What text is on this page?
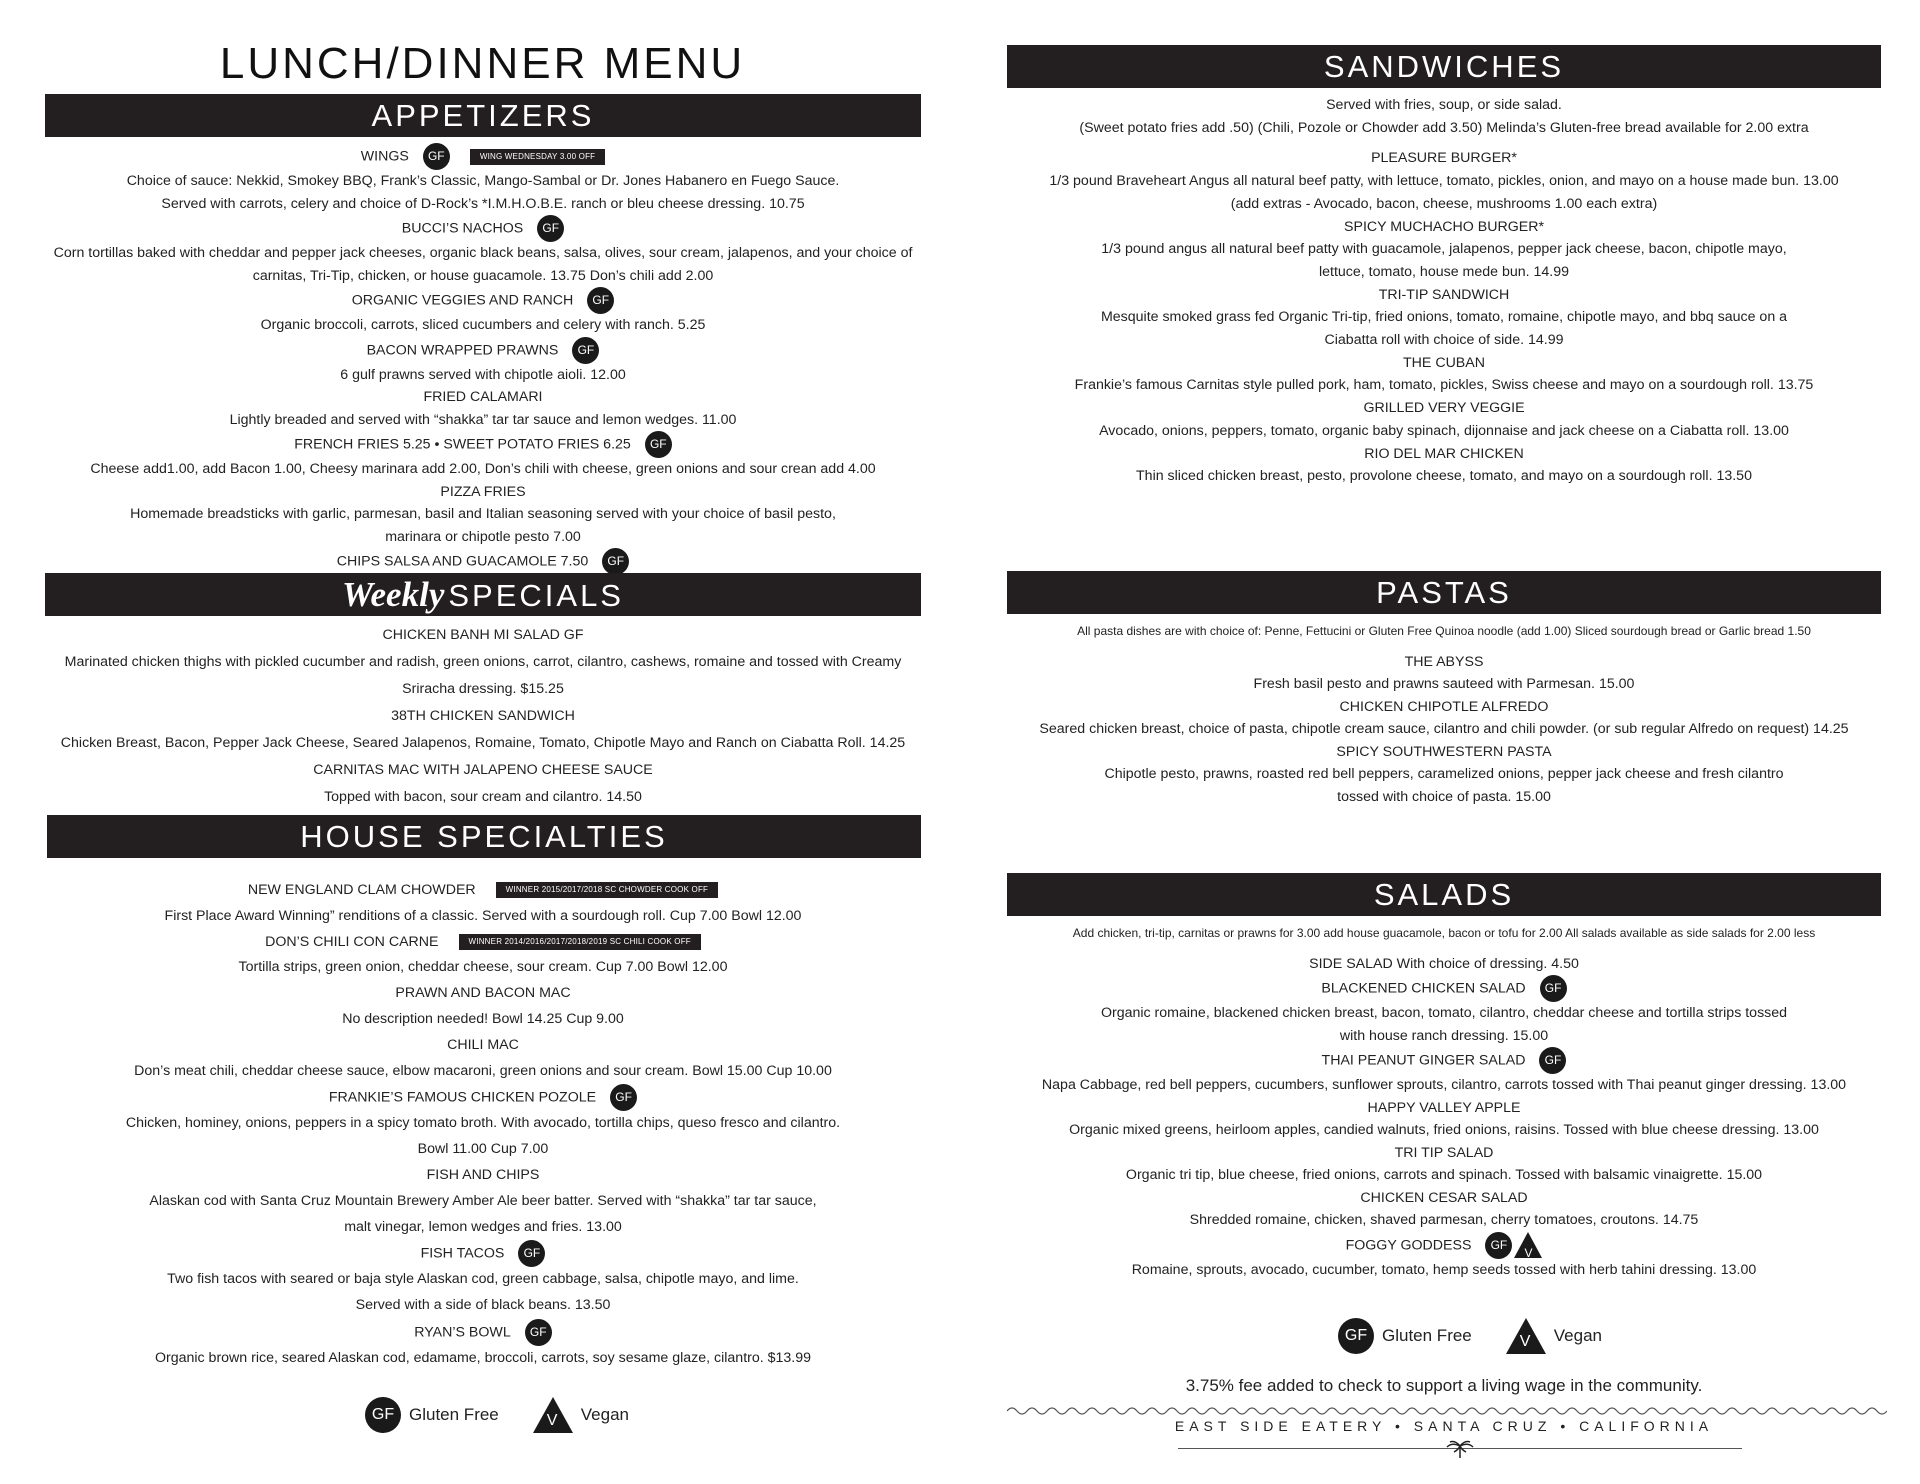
LUNCH/DINNER MENU
APPETIZERS
WINGS GF	WING WEDNESDAY 3.00 OFF
Choice of sauce: Nekkid, Smokey BBQ, Frank’s Classic, Mango-Sambal or Dr. Jones Habanero en Fuego Sauce.
Served with carrots, celery and choice of D-Rock’s *I.M.H.O.B.E. ranch or bleu cheese dressing. 10.75
BUCCI’S NACHOS GF
Corn tortillas baked with cheddar and pepper jack cheeses, organic black beans, salsa, olives, sour cream, jalapenos, and your choice of
carnitas, Tri-Tip, chicken, or house guacamole. 13.75 Don’s chili add 2.00
ORGANIC VEGGIES AND RANCH GF
Organic broccoli, carrots, sliced cucumbers and celery with ranch. 5.25
BACON WRAPPED PRAWNS GF
6 gulf prawns served with chipotle aioli. 12.00
FRIED CALAMARI
Lightly breaded and served with “shakka” tar tar sauce and lemon wedges. 11.00
FRENCH FRIES 5.25 • SWEET POTATO FRIES 6.25 GF
Cheese add1.00, add Bacon 1.00, Cheesy marinara add 2.00, Don’s chili with cheese, green onions and sour crean add 4.00
PIZZA FRIES
Homemade breadsticks with garlic, parmesan, basil and Italian seasoning served with your choice of basil pesto,
marinara or chipotle pesto 7.00
CHIPS SALSA AND GUACAMOLE 7.50 GF
Weekly SPECIALS
CHICKEN BANH MI SALAD GF
Marinated chicken thighs with pickled cucumber and radish, green onions, carrot, cilantro, cashews, romaine and tossed with Creamy
Sriracha dressing. $15.25
38TH CHICKEN SANDWICH
Chicken Breast, Bacon, Pepper Jack Cheese, Seared Jalapenos, Romaine, Tomato, Chipotle Mayo and Ranch on Ciabatta Roll. 14.25
CARNITAS MAC WITH JALAPENO CHEESE SAUCE
Topped with bacon, sour cream and cilantro. 14.50
HOUSE SPECIALTIES
NEW ENGLAND CLAM CHOWDER	WINNER 2015/2017/2018 SC CHOWDER COOK OFF
First Place Award Winning” renditions of a classic. Served with a sourdough roll. Cup 7.00 Bowl 12.00
DON’S CHILI CON CARNE	WINNER 2014/2016/2017/2018/2019 SC CHILI COOK OFF
Tortilla strips, green onion, cheddar cheese, sour cream. Cup 7.00 Bowl 12.00
PRAWN AND BACON MAC
No description needed! Bowl 14.25 Cup 9.00
CHILI MAC
Don’s meat chili, cheddar cheese sauce, elbow macaroni, green onions and sour cream. Bowl 15.00 Cup 10.00
FRANKIE’S FAMOUS CHICKEN POZOLE GF
Chicken, hominey, onions, peppers in a spicy tomato broth. With avocado, tortilla chips, queso fresco and cilantro.
Bowl 11.00 Cup 7.00
FISH AND CHIPS
Alaskan cod with Santa Cruz Mountain Brewery Amber Ale beer batter. Served with “shakka” tar tar sauce,
malt vinegar, lemon wedges and fries. 13.00
FISH TACOS GF
Two fish tacos with seared or baja style Alaskan cod, green cabbage, salsa, chipotle mayo, and lime.
Served with a side of black beans. 13.50
RYAN’S BOWL GF
Organic brown rice, seared Alaskan cod, edamame, broccoli, carrots, soy sesame glaze, cilantro. $13.99
GF Gluten Free	V Vegan
SANDWICHES
Served with fries, soup, or side salad.
(Sweet potato fries add .50) (Chili, Pozole or Chowder add 3.50) Melinda’s Gluten-free bread available for 2.00 extra
PLEASURE BURGER*
1/3 pound Braveheart Angus all natural beef patty, with lettuce, tomato, pickles, onion, and mayo on a house made bun. 13.00
(add extras - Avocado, bacon, cheese, mushrooms 1.00 each extra)
SPICY MUCHACHO BURGER*
1/3 pound angus all natural beef patty with guacamole, jalapenos, pepper jack cheese, bacon, chipotle mayo,
lettuce, tomato, house mede bun. 14.99
TRI-TIP SANDWICH
Mesquite smoked grass fed Organic Tri-tip, fried onions, tomato, romaine, chipotle mayo, and bbq sauce on a
Ciabatta roll with choice of side. 14.99
THE CUBAN
Frankie’s famous Carnitas style pulled pork, ham, tomato, pickles, Swiss cheese and mayo on a sourdough roll. 13.75
GRILLED VERY VEGGIE
Avocado, onions, peppers, tomato, organic baby spinach, dijonnaise and jack cheese on a Ciabatta roll. 13.00
RIO DEL MAR CHICKEN
Thin sliced chicken breast, pesto, provolone cheese, tomato, and mayo on a sourdough roll. 13.50
PASTAS
All pasta dishes are with choice of: Penne, Fettucini or Gluten Free Quinoa noodle (add 1.00) Sliced sourdough bread or Garlic bread 1.50
THE ABYSS
Fresh basil pesto and prawns sauteed with Parmesan. 15.00
CHICKEN CHIPOTLE ALFREDO
Seared chicken breast, choice of pasta, chipotle cream sauce, cilantro and chili powder. (or sub regular Alfredo on request) 14.25
SPICY SOUTHWESTERN PASTA
Chipotle pesto, prawns, roasted red bell peppers, caramelized onions, pepper jack cheese and fresh cilantro
tossed with choice of pasta. 15.00
SALADS
Add chicken, tri-tip, carnitas or prawns for 3.00 add house guacamole, bacon or tofu for 2.00 All salads available as side salads for 2.00 less
SIDE SALAD With choice of dressing. 4.50
BLACKENED CHICKEN SALAD GF
Organic romaine, blackened chicken breast, bacon, tomato, cilantro, cheddar cheese and tortilla strips tossed
with house ranch dressing. 15.00
THAI PEANUT GINGER SALAD GF
Napa Cabbage, red bell peppers, cucumbers, sunflower sprouts, cilantro, carrots tossed with Thai peanut ginger dressing. 13.00
HAPPY VALLEY APPLE
Organic mixed greens, heirloom apples, candied walnuts, fried onions, raisins. Tossed with blue cheese dressing. 13.00
TRI TIP SALAD
Organic tri tip, blue cheese, fried onions, carrots and spinach. Tossed with balsamic vinaigrette. 15.00
CHICKEN CESAR SALAD
Shredded romaine, chicken, shaved parmesan, cherry tomatoes, croutons. 14.75
FOGGY GODDESS GF
V
Romaine, sprouts, avocado, cucumber, tomato, hemp seeds tossed with herb tahini dressing. 13.00
GF Gluten Free	V Vegan
3.75% fee added to check to support a living wage in the community.
EAST SIDE EATERY • SANTA CRUZ • CALIFORNIA
